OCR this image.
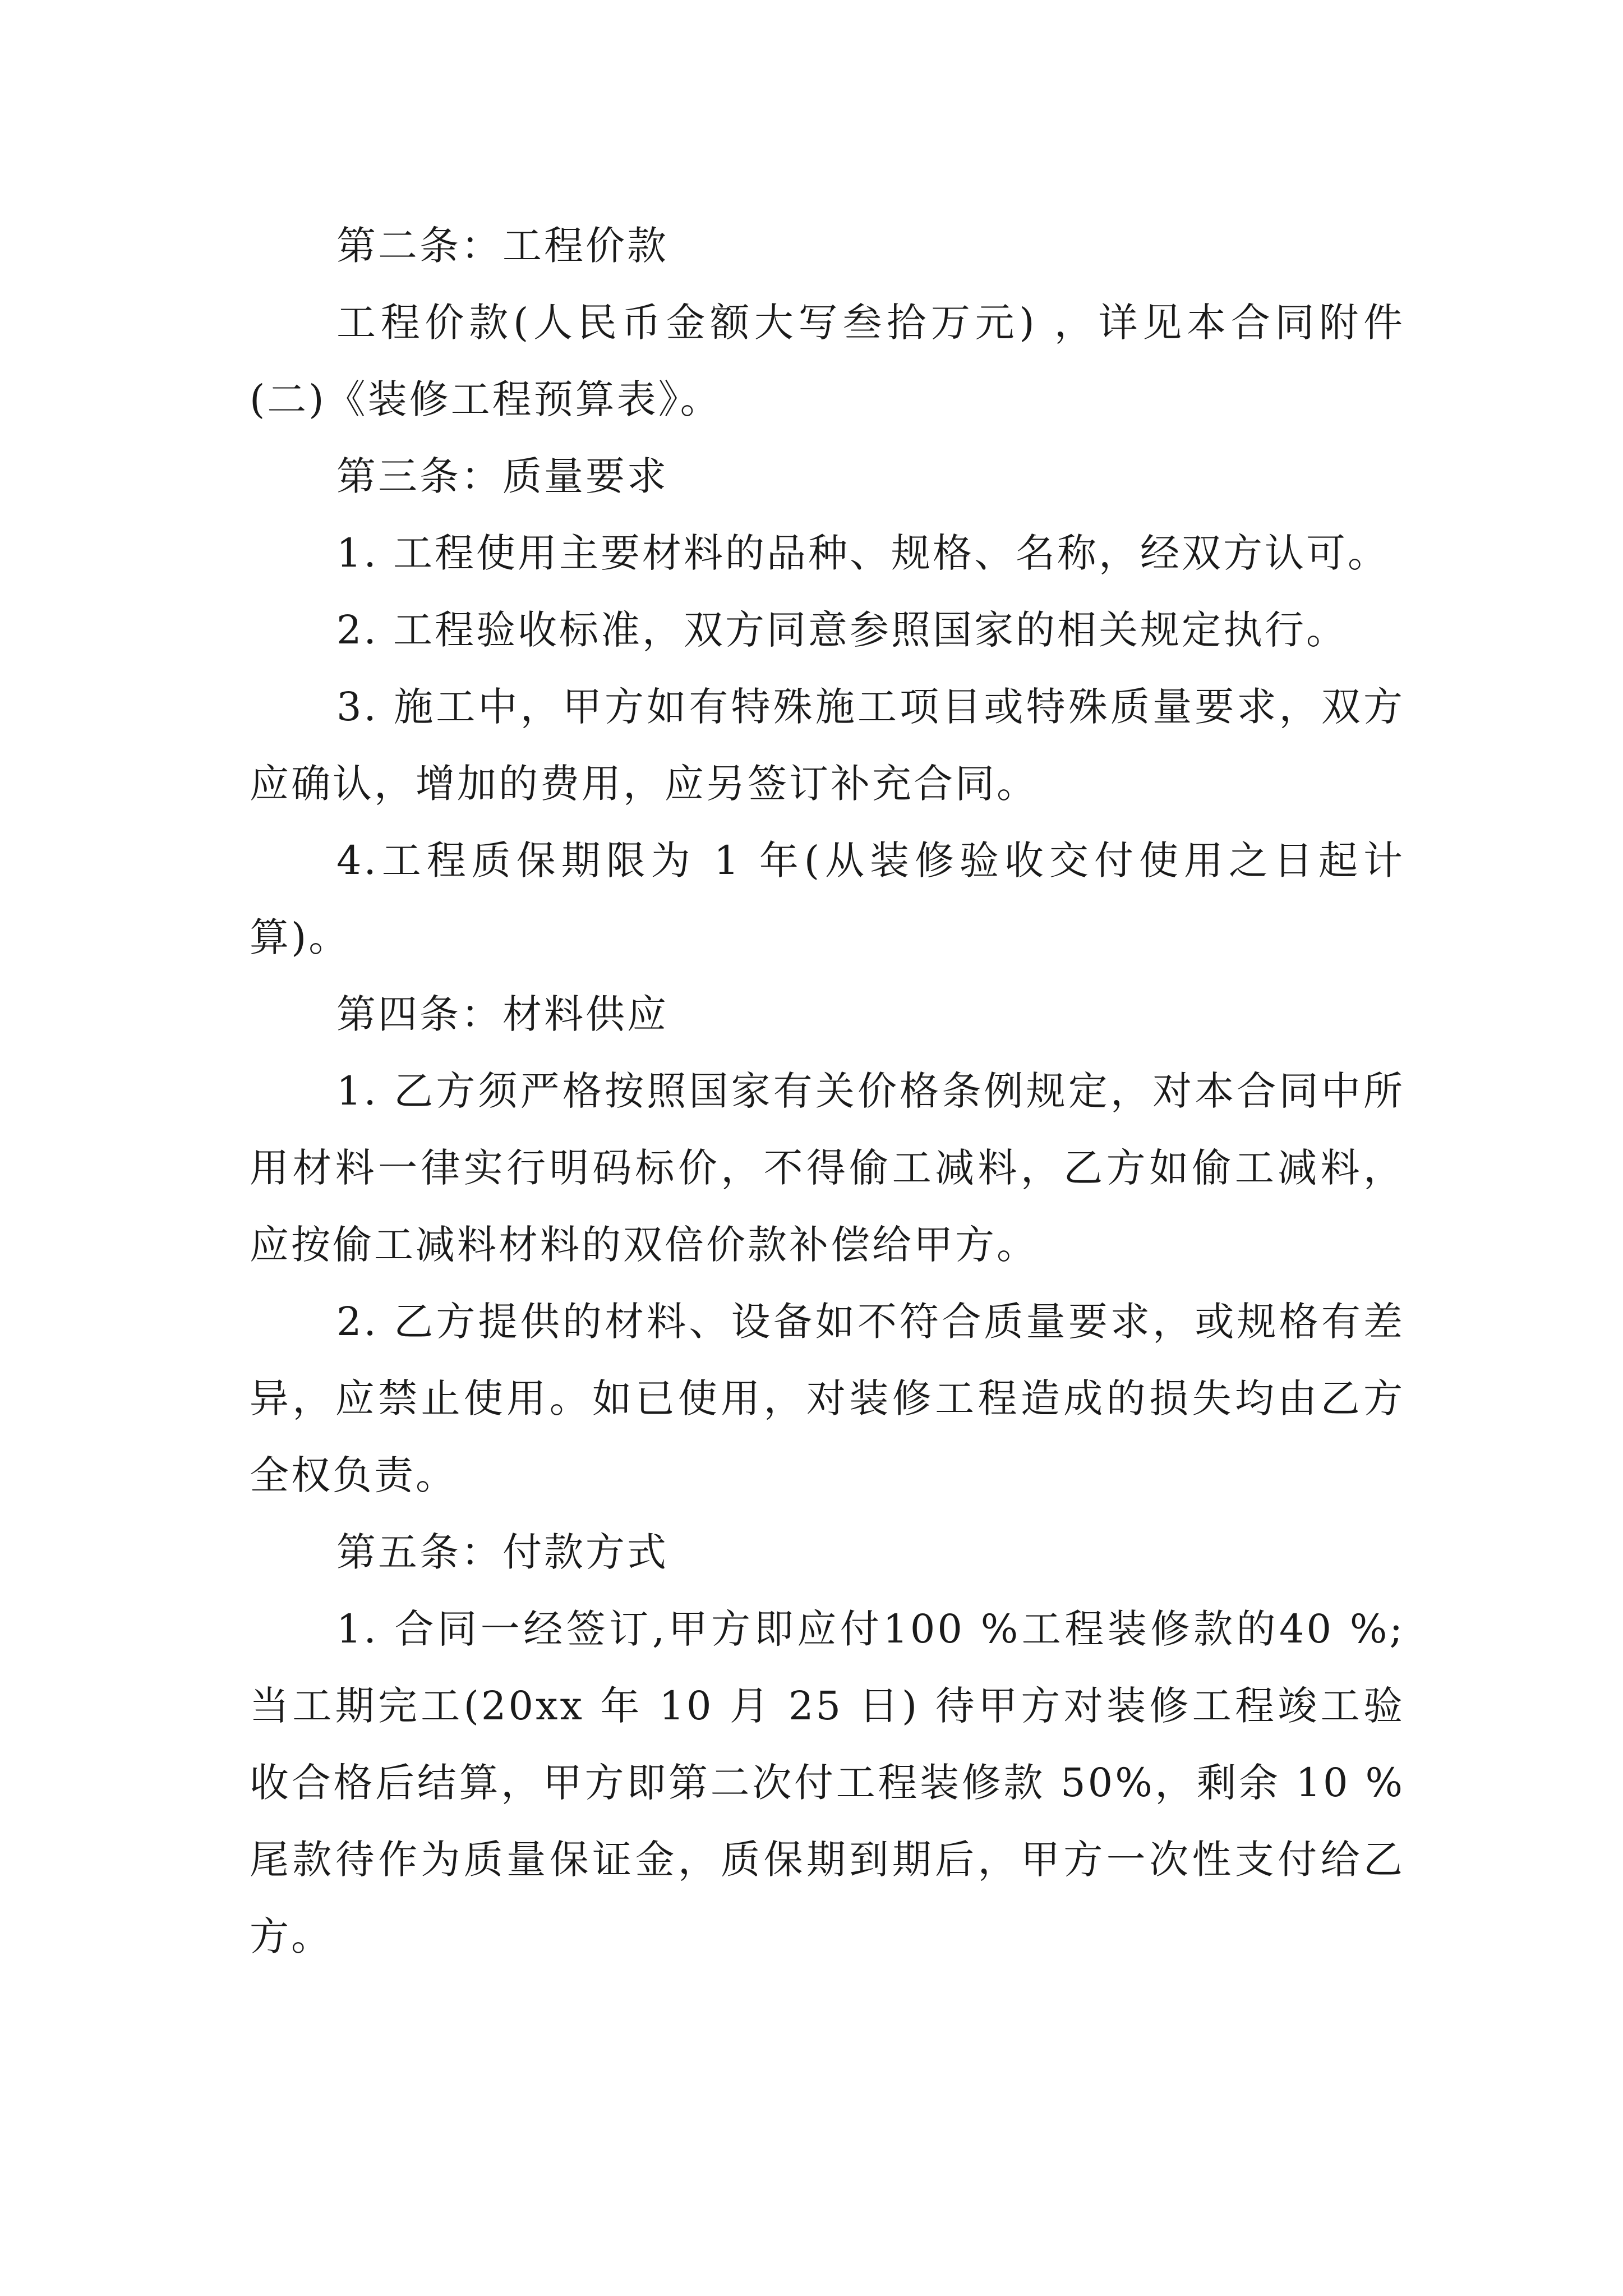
第二条：工程价款

工程价款(人民币金额大写叁拾万元) ，详见本合同附件(二)《装修工程预算表》。

第三条：质量要求

1. 工程使用主要材料的品种、规格、名称，经双方认可。

2. 工程验收标准，双方同意参照国家的相关规定执行。

3. 施工中，甲方如有特殊施工项目或特殊质量要求，双方应确认，增加的费用，应另签订补充合同。

4.工程质保期限为 1 年(从装修验收交付使用之日起计算)。

第四条：材料供应

1. 乙方须严格按照国家有关价格条例规定，对本合同中所用材料一律实行明码标价，不得偷工减料，乙方如偷工减料，应按偷工减料材料的双倍价款补偿给甲方。

2. 乙方提供的材料、设备如不符合质量要求，或规格有差异，应禁止使用。如已使用，对装修工程造成的损失均由乙方全权负责。

第五条：付款方式

1. 合同一经签订,甲方即应付100 %工程装修款的40 %;当工期完工(20xx 年 10 月 25 日) 待甲方对装修工程竣工验收合格后结算，甲方即第二次付工程装修款 50%，剩余 10 %尾款待作为质量保证金，质保期到期后，甲方一次性支付给乙方。
